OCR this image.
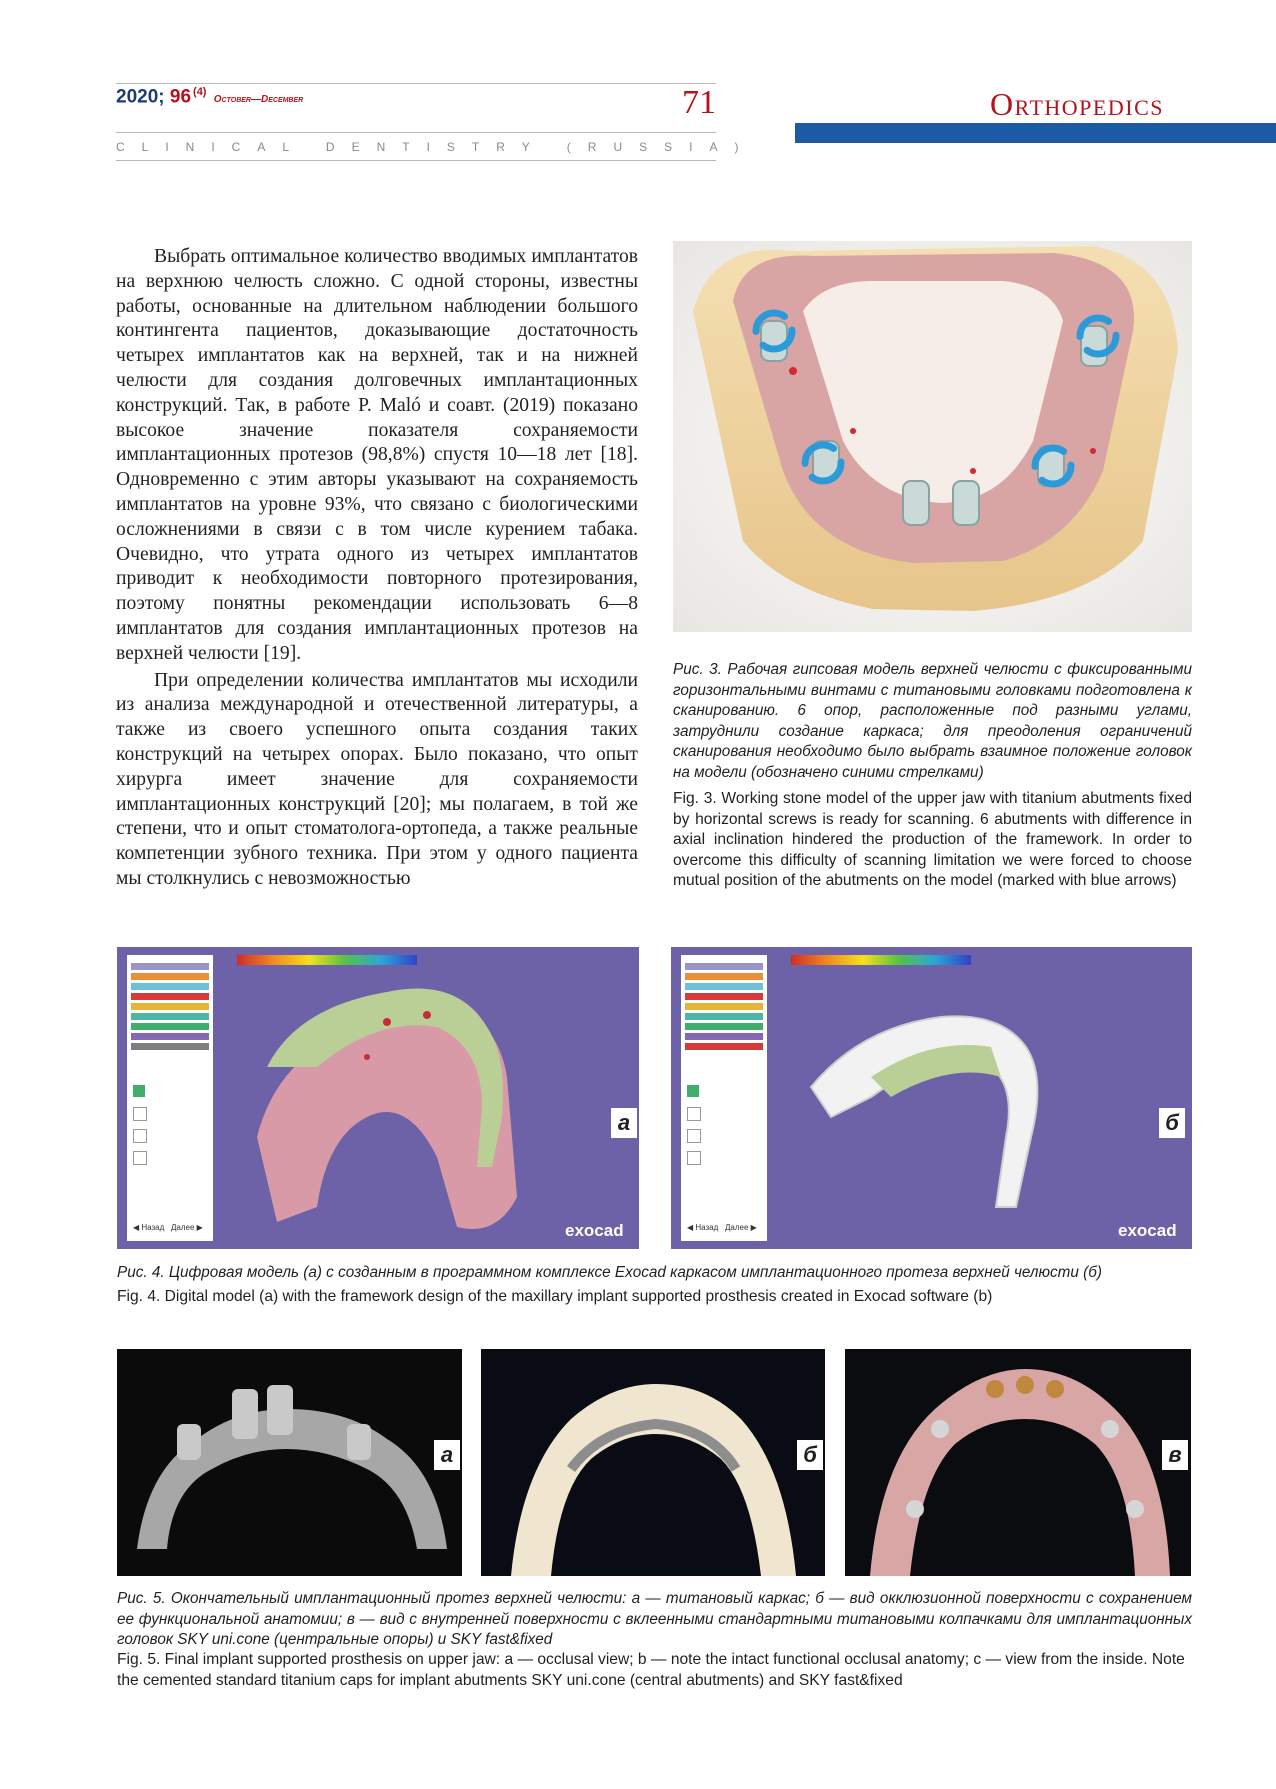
2020; 96 $^{(4)}$ October—December	71
CLINICAL DENTISTRY (RUSSIA)
Orthopedics

Выбрать оптимальное количество вводимых имплантатов на верхнюю челюсть сложно. С одной стороны, известны работы, основанные на длительном наблюдении большого контингента пациентов, доказывающие достаточность четырех имплантатов как на верхней, так и на нижней челюсти для создания долговечных имплантационных конструкций. Так, в работе P. Maló и соавт. (2019) показано высокое значение показателя сохраняемости имплантационных протезов (98,8%) спустя 10—18 лет [18]. Одновременно с этим авторы указывают на сохраняемость имплантатов на уровне 93%, что связано с биологическими осложнениями в связи с в том числе курением табака. Очевидно, что утрата одного из четырех имплантатов приводит к необходимости повторного протезирования, поэтому понятны рекомендации использовать 6—8 имплантатов для создания имплантационных протезов на верхней челюсти [19].

При определении количества имплантатов мы исходили из анализа международной и отечественной литературы, а также из своего успешного опыта создания таких конструкций на четырех опорах. Было показано, что опыт хирурга имеет значение для сохраняемости имплантационных конструкций [20]; мы полагаем, в той же степени, что и опыт стоматолога-ортопеда, а также реальные компетенции зубного техника. При этом у одного пациента мы столкнулись с невозможностью

Рис. 3. Рабочая гипсовая модель верхней челюсти с фиксированными горизонтальными винтами с титановыми головками подготовлена к сканированию. 6 опор, расположенные под разными углами, затруднили создание каркаса; для преодоления ограничений сканирования необходимо было выбрать взаимное положение головок на модели (обозначено синими стрелками)
Fig. 3. Working stone model of the upper jaw with titanium abutments fixed by horizontal screws is ready for scanning. 6 abutments with difference in axial inclination hindered the production of the framework. In order to overcome this difficulty of scanning limitation we were forced to choose mutual position of the abutments on the model (marked with blue arrows)
◀ Назад Далее ▶
а
exocad	◀ Назад Далее ▶
б
exocad
Рис. 4. Цифровая модель (а) с созданным в программном комплексе Exocad каркасом имплантационного протеза верхней челюсти (б)
Fig. 4. Digital model (a) with the framework design of the maxillary implant supported prosthesis created in Exocad software (b)
а	б	в
Рис. 5. Окончательный имплантационный протез верхней челюсти: а — титановый каркас; б — вид окклюзионной поверхности с сохранением ее функциональной анатомии; в — вид с внутренней поверхности с вклеенными стандартными титановыми колпачками для имплантационных головок SKY uni.cone (центральные опоры) и SKY fast&fixed
Fig. 5. Final implant supported prosthesis on upper jaw: a — occlusal view; b — note the intact functional occlusal anatomy; c — view from the inside. Note the cemented standard titanium caps for implant abutments SKY uni.cone (central abutments) and SKY fast&fixed
